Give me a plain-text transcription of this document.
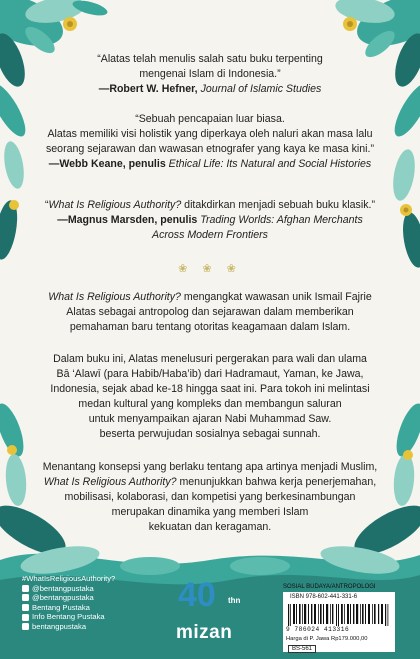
“Alatas telah menulis salah satu buku terpenting
mengenai Islam di Indonesia.”
—Robert W. Hefner, Journal of Islamic Studies
“Sebuah pencapaian luar biasa.
Alatas memiliki visi holistik yang diperkaya oleh naluri akan masa lalu
seorang sejarawan dan wawasan etnografer yang kaya ke masa kini.”
—Webb Keane, penulis Ethical Life: Its Natural and Social Histories
“What Is Religious Authority? ditakdirkan menjadi sebuah buku klasik.”
—Magnus Marsden, penulis Trading Worlds: Afghan Merchants
Across Modern Frontiers
❀ ❀ ❀
What Is Religious Authority? mengangkat wawasan unik Ismail Fajrie
Alatas sebagai antropolog dan sejarawan dalam memberikan
pemahaman baru tentang otoritas keagamaan dalam Islam.
Dalam buku ini, Alatas menelusuri pergerakan para wali dan ulama
Bā ‘Alawī (para Habib/Haba’ib) dari Hadramaut, Yaman, ke Jawa,
Indonesia, sejak abad ke-18 hingga saat ini. Para tokoh ini melintasi
medan kultural yang kompleks dan membangun saluran
untuk menyampaikan ajaran Nabi Muhammad Saw.
beserta perwujudan sosialnya sebagai sunnah.
Menantang konsepsi yang berlaku tentang apa artinya menjadi Muslim,
What Is Religious Authority? menunjukkan bahwa kerja penerjemahan,
mobilisasi, kolaborasi, dan kompetisi yang berkesinambungan
merupakan dinamika yang memberi Islam
kekuatan dan keragaman.
#WhatIsReligiousAuthority?
@bentangpustaka
@bentangpustaka
Bentang Pustaka
Info Bentang Pustaka
bentangpustaka
40 thn
mizan
SOSIAL BUDAYA/ANTROPOLOGI
ISBN 978-602-441-331-6
9 786024 413316
Harga di P. Jawa Rp179.000,00
BS-561
